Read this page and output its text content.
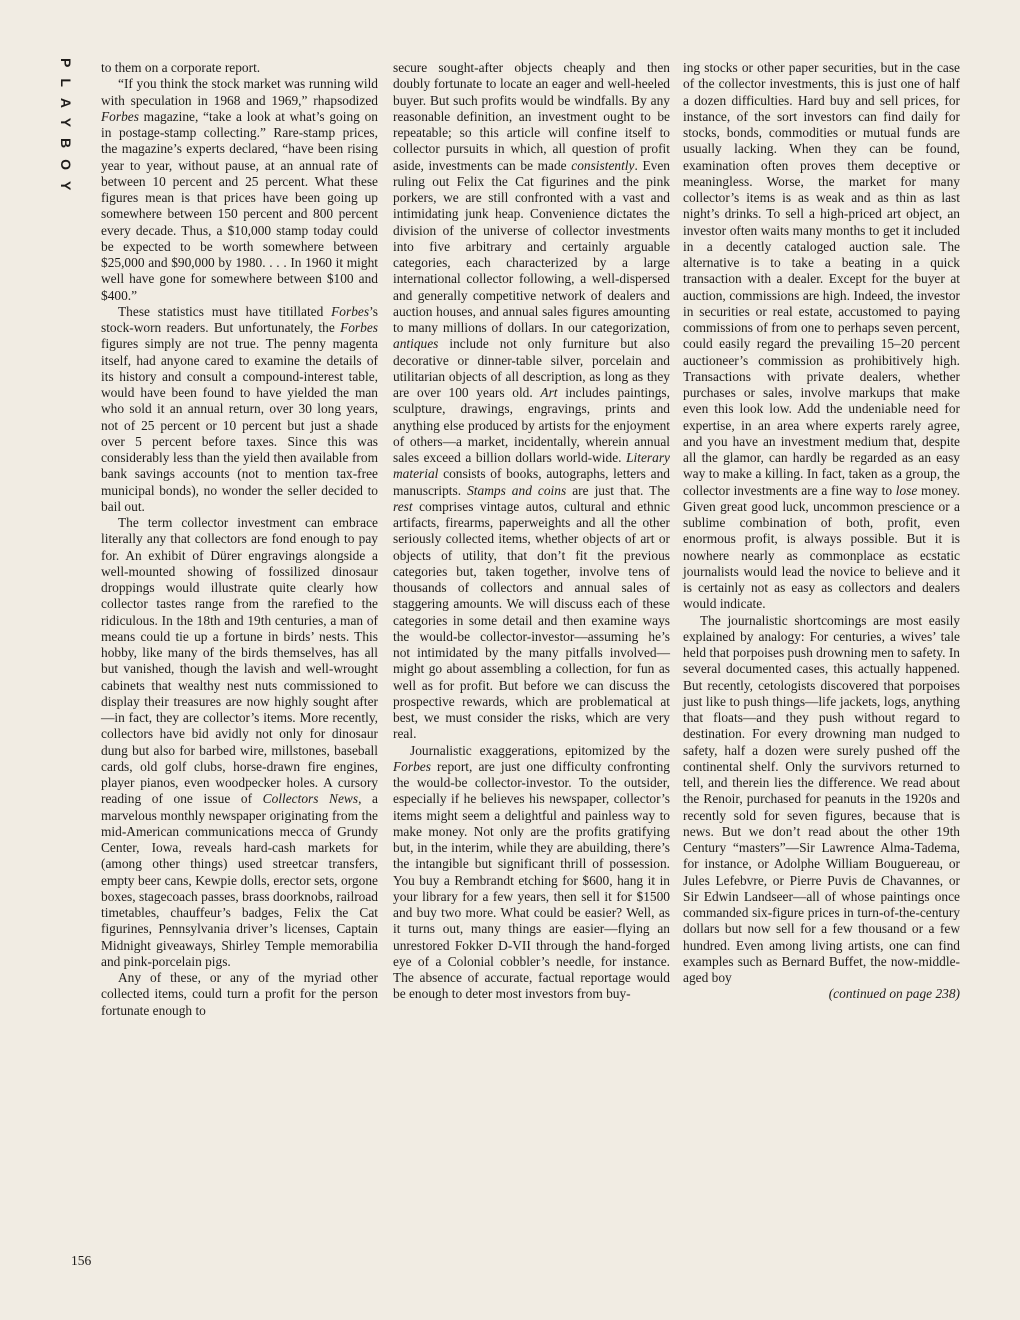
PLAYBOY to them on a corporate report.

“If you think the stock market was running wild with speculation in 1968 and 1969,” rhapsodized Forbes magazine, “take a look at what’s going on in postage-stamp collecting.” Rare-stamp prices, the magazine’s experts declared, “have been rising year to year, without pause, at an annual rate of between 10 percent and 25 percent. What these figures mean is that prices have been going up somewhere between 150 percent and 800 percent every decade. Thus, a $10,000 stamp today could be expected to be worth somewhere between $25,000 and $90,000 by 1980. . . . In 1960 it might well have gone for somewhere between $100 and $400.”

These statistics must have titillated Forbes’s stock-worn readers. But unfortunately, the Forbes figures simply are not true. The penny magenta itself, had anyone cared to examine the details of its history and consult a compound-interest table, would have been found to have yielded the man who sold it an annual return, over 30 long years, not of 25 percent or 10 percent but just a shade over 5 percent before taxes. Since this was considerably less than the yield then available from bank savings accounts (not to mention tax-free municipal bonds), no wonder the seller decided to bail out.

The term collector investment can embrace literally any that collectors are fond enough to pay for. An exhibit of Dürer engravings alongside a well-mounted showing of fossilized dinosaur droppings would illustrate quite clearly how collector tastes range from the rarefied to the ridiculous. In the 18th and 19th centuries, a man of means could tie up a fortune in birds’ nests. This hobby, like many of the birds themselves, has all but vanished, though the lavish and well-wrought cabinets that wealthy nest nuts commissioned to display their treasures are now highly sought after—in fact, they are collector’s items. More recently, collectors have bid avidly not only for dinosaur dung but also for barbed wire, millstones, baseball cards, old golf clubs, horse-drawn fire engines, player pianos, even woodpecker holes. A cursory reading of one issue of Collectors News, a marvelous monthly newspaper originating from the mid-American communications mecca of Grundy Center, Iowa, reveals hard-cash markets for (among other things) used streetcar transfers, empty beer cans, Kewpie dolls, erector sets, orgone boxes, stagecoach passes, brass doorknobs, railroad timetables, chauffeur’s badges, Felix the Cat figurines, Pennsylvania driver’s licenses, Captain Midnight giveaways, Shirley Temple memorabilia and pink-porcelain pigs.

Any of these, or any of the myriad other collected items, could turn a profit for the person fortunate enough to

secure sought-after objects cheaply and then doubly fortunate to locate an eager and well-heeled buyer. But such profits would be windfalls. By any reasonable definition, an investment ought to be repeatable; so this article will confine itself to collector pursuits in which, all question of profit aside, investments can be made consistently. Even ruling out Felix the Cat figurines and the pink porkers, we are still confronted with a vast and intimidating junk heap. Convenience dictates the division of the universe of collector investments into five arbitrary and certainly arguable categories, each characterized by a large international collector following, a well-dispersed and generally competitive network of dealers and auction houses, and annual sales figures amounting to many millions of dollars. In our categorization, antiques include not only furniture but also decorative or dinner-table silver, porcelain and utilitarian objects of all description, as long as they are over 100 years old. Art includes paintings, sculpture, drawings, engravings, prints and anything else produced by artists for the enjoyment of others—a market, incidentally, wherein annual sales exceed a billion dollars world-wide. Literary material consists of books, autographs, letters and manuscripts. Stamps and coins are just that. The rest comprises vintage autos, cultural and ethnic artifacts, firearms, paperweights and all the other seriously collected items, whether objects of art or objects of utility, that don’t fit the previous categories but, taken together, involve tens of thousands of collectors and annual sales of staggering amounts. We will discuss each of these categories in some detail and then examine ways the would-be collector-investor—assuming he’s not intimidated by the many pitfalls involved—might go about assembling a collection, for fun as well as for profit. But before we can discuss the prospective rewards, which are problematical at best, we must consider the risks, which are very real.

Journalistic exaggerations, epitomized by the Forbes report, are just one difficulty confronting the would-be collector-investor. To the outsider, especially if he believes his newspaper, collector’s items might seem a delightful and painless way to make money. Not only are the profits gratifying but, in the interim, while they are abuilding, there’s the intangible but significant thrill of possession. You buy a Rembrandt etching for $600, hang it in your library for a few years, then sell it for $1500 and buy two more. What could be easier? Well, as it turns out, many things are easier—flying an unrestored Fokker D-VII through the hand-forged eye of a Colonial cobbler’s needle, for instance. The absence of accurate, factual reportage would be enough to deter most investors from buy-

ing stocks or other paper securities, but in the case of the collector investments, this is just one of half a dozen difficulties. Hard buy and sell prices, for instance, of the sort investors can find daily for stocks, bonds, commodities or mutual funds are usually lacking. When they can be found, examination often proves them deceptive or meaningless. Worse, the market for many collector’s items is as weak and as thin as last night’s drinks. To sell a high-priced art object, an investor often waits many months to get it included in a decently cataloged auction sale. The alternative is to take a beating in a quick transaction with a dealer. Except for the buyer at auction, commissions are high. Indeed, the investor in securities or real estate, accustomed to paying commissions of from one to perhaps seven percent, could easily regard the prevailing 15–20 percent auctioneer’s commission as prohibitively high. Transactions with private dealers, whether purchases or sales, involve markups that make even this look low. Add the undeniable need for expertise, in an area where experts rarely agree, and you have an investment medium that, despite all the glamor, can hardly be regarded as an easy way to make a killing. In fact, taken as a group, the collector investments are a fine way to lose money. Given great good luck, uncommon prescience or a sublime combination of both, profit, even enormous profit, is always possible. But it is nowhere nearly as commonplace as ecstatic journalists would lead the novice to believe and it is certainly not as easy as collectors and dealers would indicate.

The journalistic shortcomings are most easily explained by analogy: For centuries, a wives’ tale held that porpoises push drowning men to safety. In several documented cases, this actually happened. But recently, cetologists discovered that porpoises just like to push things—life jackets, logs, anything that floats—and they push without regard to destination. For every drowning man nudged to safety, half a dozen were surely pushed off the continental shelf. Only the survivors returned to tell, and therein lies the difference. We read about the Renoir, purchased for peanuts in the 1920s and recently sold for seven figures, because that is news. But we don’t read about the other 19th Century “masters”—Sir Lawrence Alma-Tadema, for instance, or Adolphe William Bouguereau, or Jules Lefebvre, or Pierre Puvis de Chavannes, or Sir Edwin Landseer—all of whose paintings once commanded six-figure prices in turn-of-the-century dollars but now sell for a few thousand or a few hundred. Even among living artists, one can find examples such as Bernard Buffet, the now-middle-aged boy

(continued on page 238)

156
